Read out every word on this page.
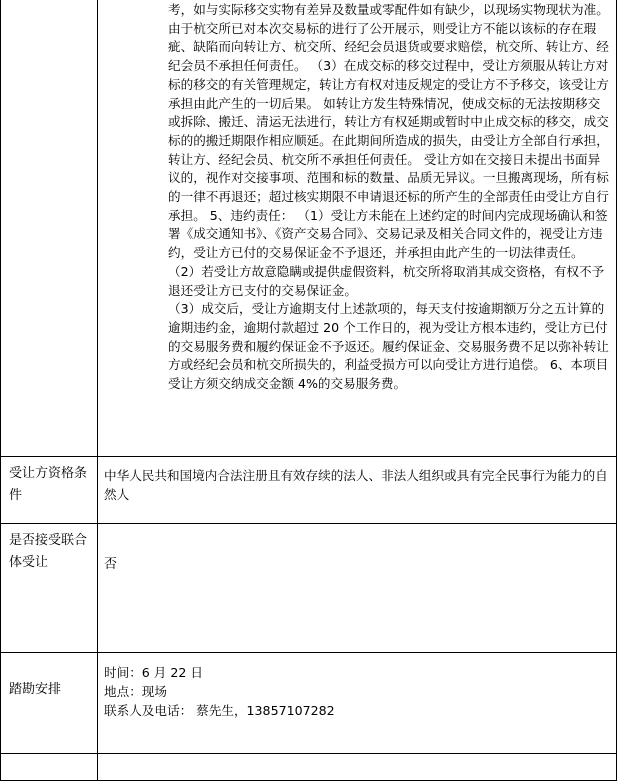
	考，如与实际移交实物有差异及数量或零配件如有缺少，以现场实物现状为准。由于杭交所已对本次交易标的进行了公开展示，则受让方不能以该标的存在瑕疵、缺陷而向转让方、杭交所、经纪会员退货或要求赔偿，杭交所、转让方、经纪会员不承担任何责任。 （3）在成交标的移交过程中，受让方须服从转让方对标的移交的有关管理规定，转让方有权对违反规定的受让方不予移交，该受让方承担由此产生的一切后果。 如转让方发生特殊情况，使成交标的无法按期移交或拆除、搬迁、清运无法进行，转让方有权延期或暂时中止成交标的移交，成交标的的搬迁期限作相应顺延。在此期间所造成的损失，由受让方全部自行承担，转让方、经纪会员、杭交所不承担任何责任。 受让方如在交接日未提出书面异议的，视作对交接事项、范围和标的数量、品质无异议。一旦搬离现场，所有标的一律不再退还；超过核实期限不申请退还标的所产生的全部责任由受让方自行承担。 5、违约责任： （1）受让方未能在上述约定的时间内完成现场确认和签署《成交通知书》、《资产交易合同》、交易记录及相关合同文件的，视受让方违约，受让方已付的交易保证金不予退还，并承担由此产生的一切法律责任。 （2）若受让方故意隐瞒或提供虚假资料，杭交所将取消其成交资格，有权不予退还受让方已支付的交易保证金。
（3）成交后，受让方逾期支付上述款项的，每天支付按逾期额万分之五计算的逾期违约金，逾期付款超过 20 个工作日的，视为受让方根本违约，受让方已付的交易服务费和履约保证金不予返还。履约保证金、交易服务费不足以弥补转让方或经纪会员和杭交所损失的，利益受损方可以向受让方进行追偿。 6、本项目受让方须交纳成交金额 4%的交易服务费。

受让方资格条件	中华人民共和国境内合法注册且有效存续的法人、非法人组织或具有完全民事行为能力的自然人
是否接受联合体受让	否
踏勘安排	时间：6 月 22 日
地点：现场
联系人及电话： 蔡先生，13857107282
